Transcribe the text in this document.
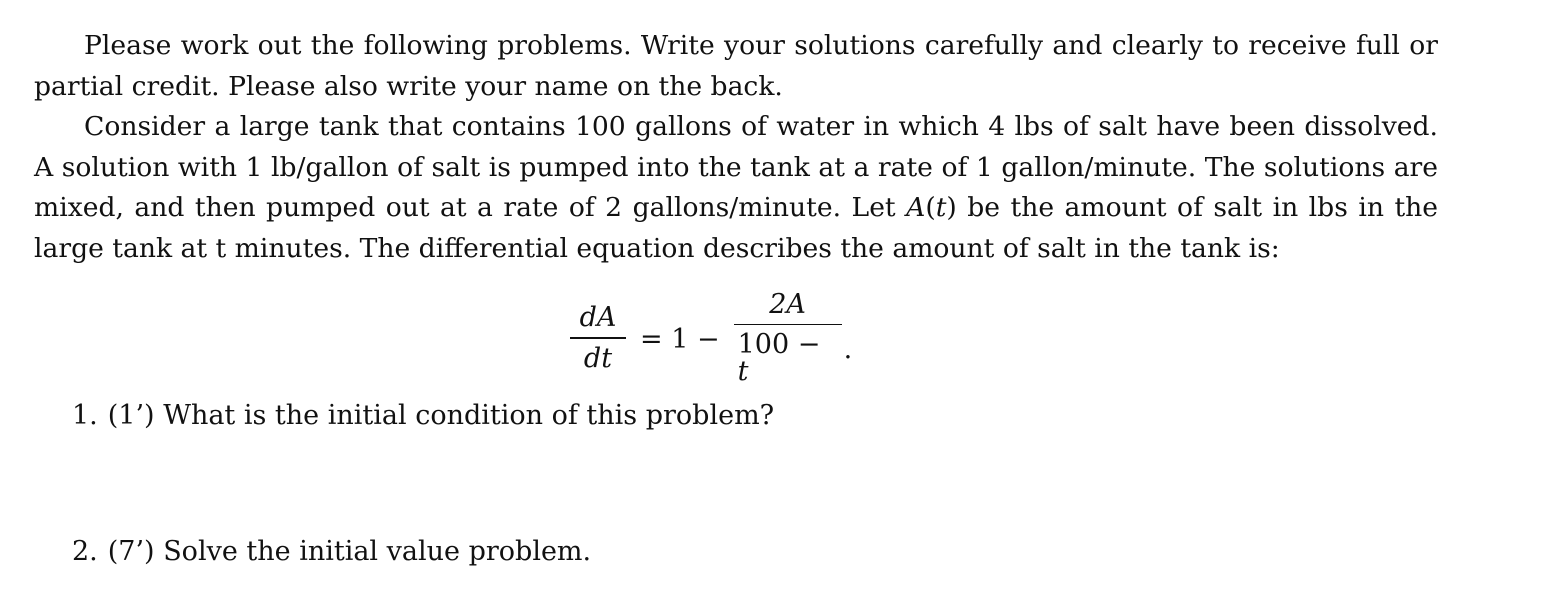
Please work out the following problems. Write your solutions carefully and clearly to receive full or partial credit. Please also write your name on the back.

Consider a large tank that contains 100 gallons of water in which 4 lbs of salt have been dissolved. A solution with 1 lb/gallon of salt is pumped into the tank at a rate of 1 gallon/minute. The solutions are mixed, and then pumped out at a rate of 2 gallons/minute. Let A(t) be the amount of salt in lbs in the large tank at t minutes. The differential equation describes the amount of salt in the tank is:

$\frac{dA}{dt} = 1 - \frac{2A}{100 - t}$ .
1. (1’) What is the initial condition of this problem?
2. (7’) Solve the initial value problem.
